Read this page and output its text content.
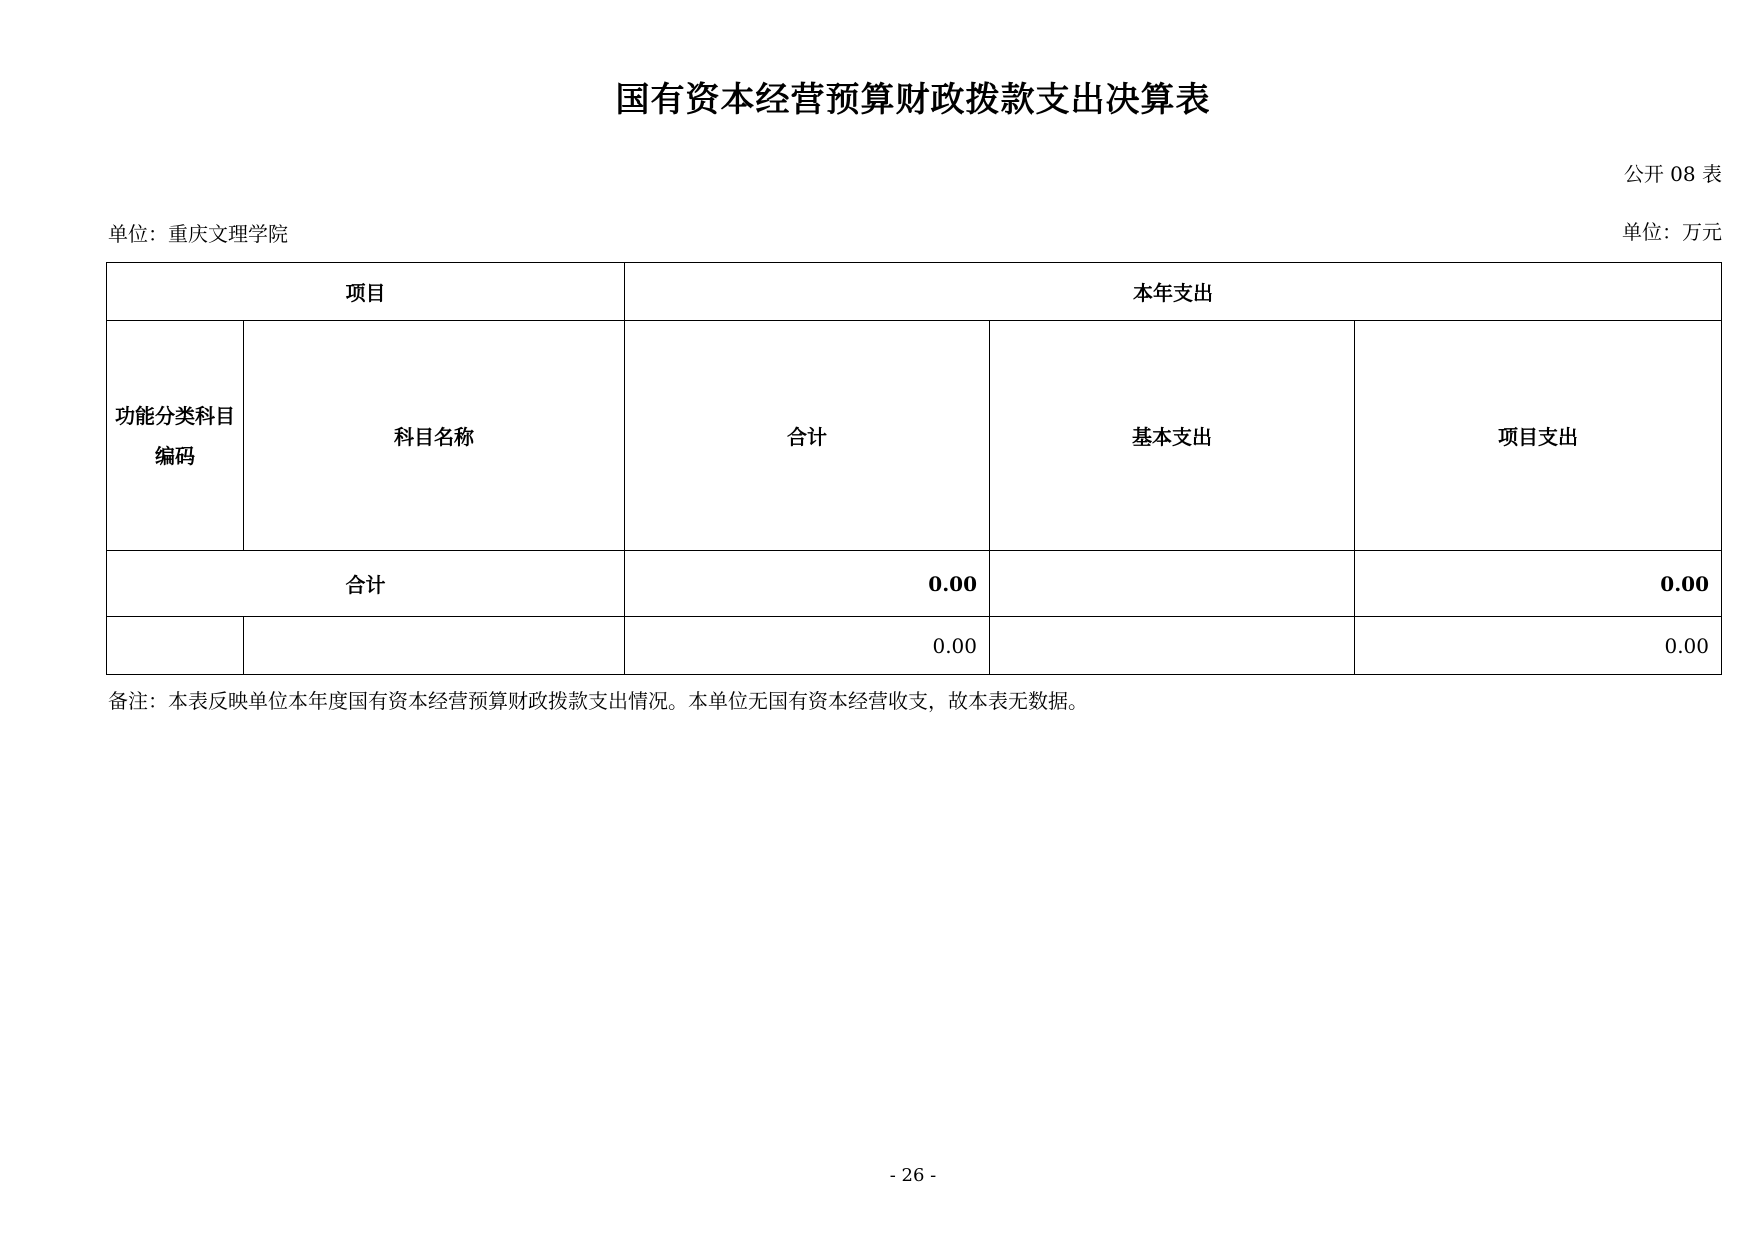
国有资本经营预算财政拨款支出决算表
公开 08 表
单位：重庆文理学院	单位：万元
项目		本年支出		
功能分类科目编码	科目名称	合计	基本支出	项目支出
合计		0.00		0.00
		0.00		0.00
备注：本表反映单位本年度国有资本经营预算财政拨款支出情况。本单位无国有资本经营收支，故本表无数据。
- 26 -
